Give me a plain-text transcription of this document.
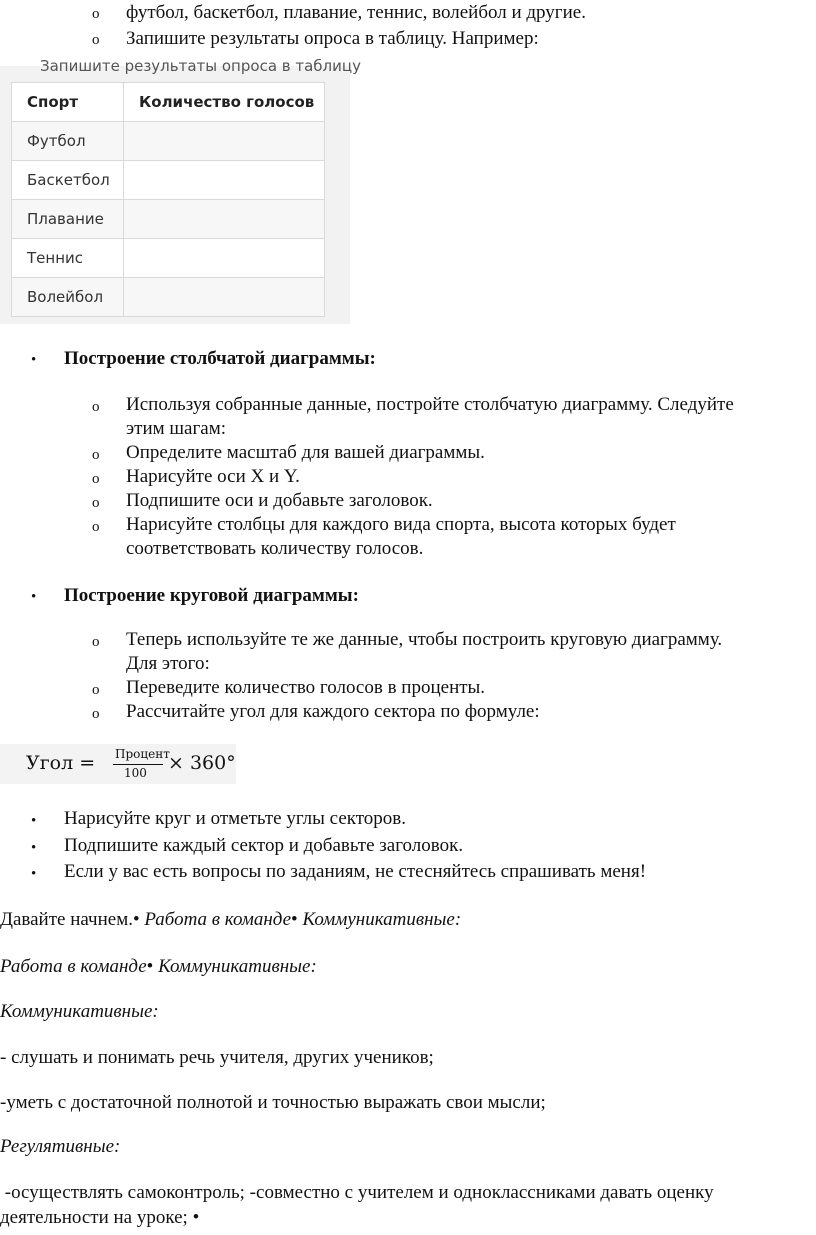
o футбол, баскетбол, плавание, теннис, волейбол и другие.
o Запишите результаты опроса в таблицу. Например:
Запишите результаты опроса в таблицу
Спорт	Количество голосов
Футбол	
Баскетбол	
Плавание	
Теннис	
Волейбол	
• Построение столбчатой диаграммы:
o Используя собранные данные, постройте столбчатую диаграмму. Следуйте
этим шагам:
o Определите масштаб для вашей диаграммы.
o Нарисуйте оси X и Y.
o Подпишите оси и добавьте заголовок.
o Нарисуйте столбцы для каждого вида спорта, высота которых будет
соответствовать количеству голосов.
• Построение круговой диаграммы:
o Теперь используйте те же данные, чтобы построить круговую диаграмму.
Для этого:
o Переведите количество голосов в проценты.
o Рассчитайте угол для каждого сектора по формуле:
Угол = Процент
100 × 360°
• Нарисуйте круг и отметьте углы секторов.
• Подпишите каждый сектор и добавьте заголовок.
• Если у вас есть вопросы по заданиям, не стесняйтесь спрашивать меня!
Давайте начнем.• Работа в команде• Коммуникативные:
Работа в команде• Коммуникативные:
Коммуникативные:
- слушать и понимать речь учителя, других учеников;
-уметь с достаточной полнотой и точностью выражать свои мысли;
Регулятивные:
-осуществлять самоконтроль; -совместно с учителем и одноклассниками давать оценку
деятельности на уроке; •
